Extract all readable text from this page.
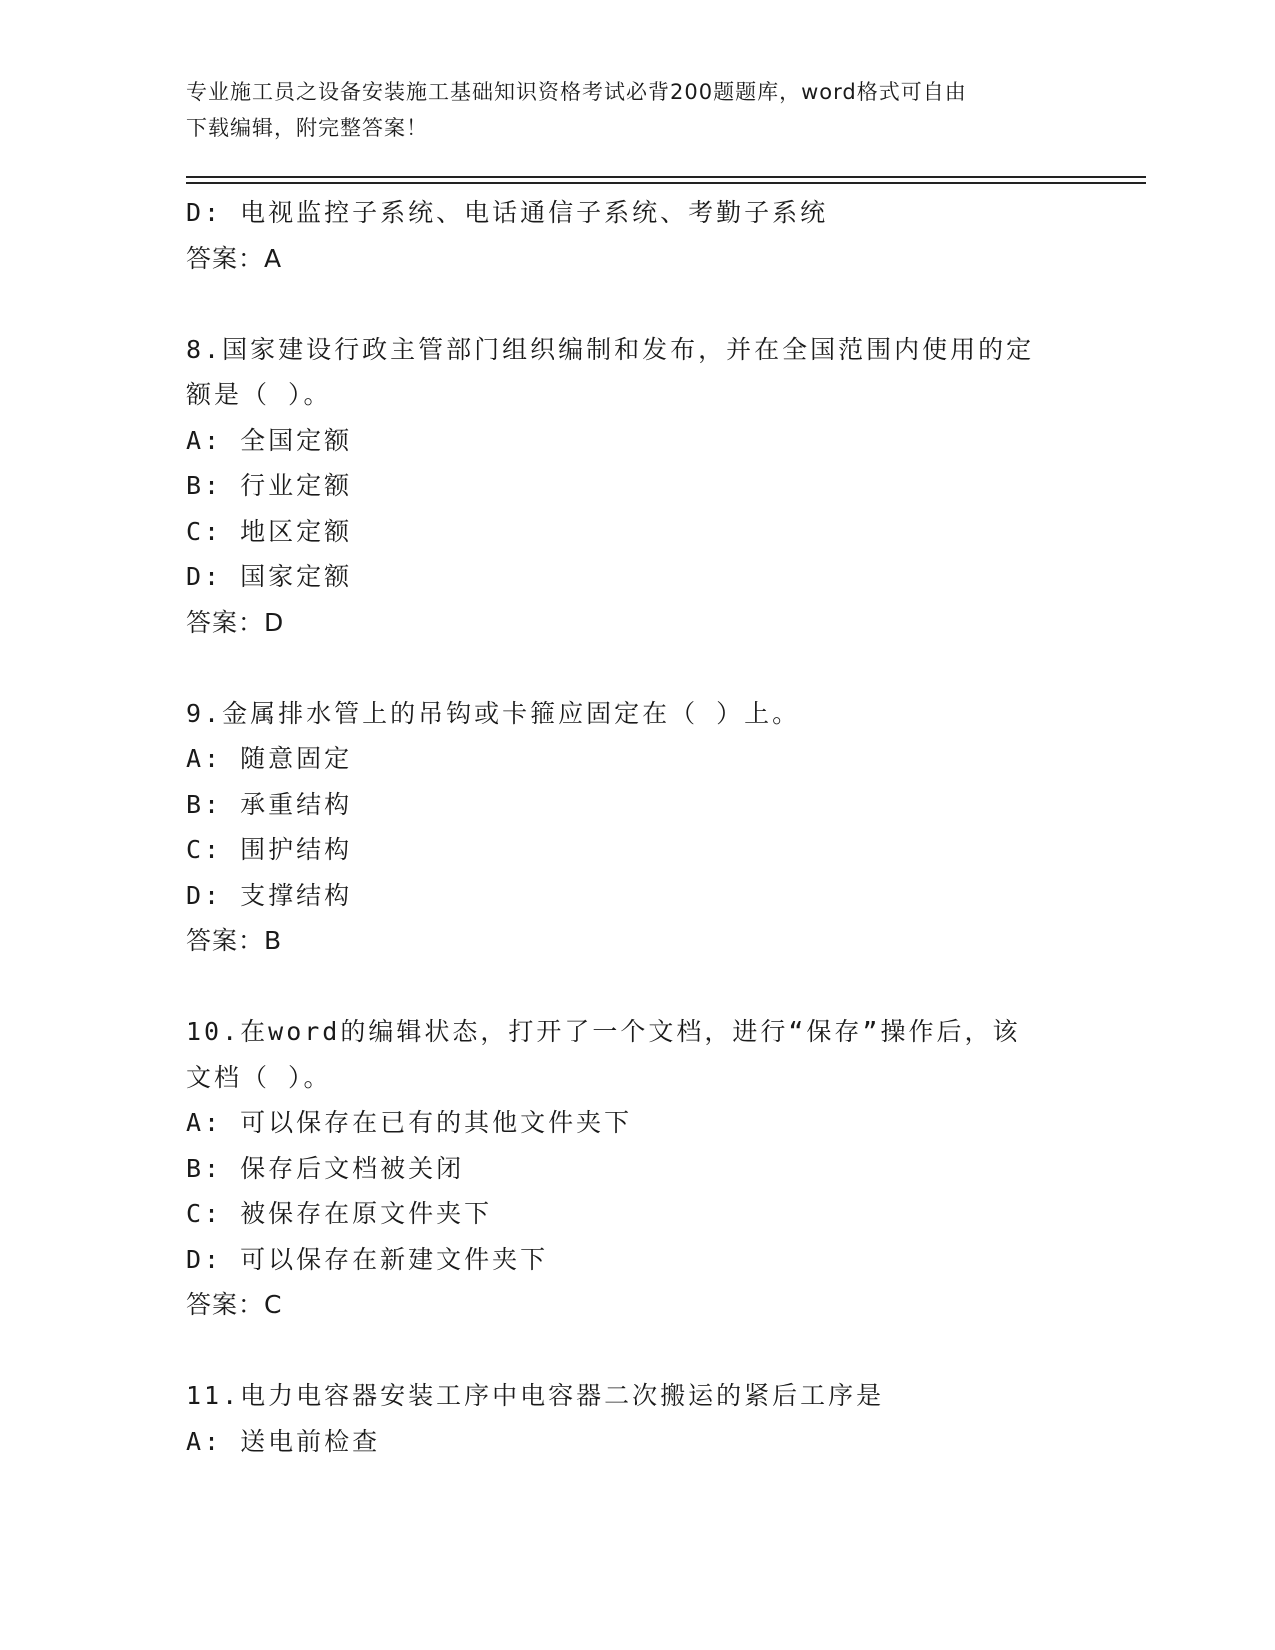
专业施工员之设备安装施工基础知识资格考试必背200题题库，word格式可自由
下载编辑，附完整答案！
D: 电视监控子系统、电话通信子系统、考勤子系统
答案：A
8.国家建设行政主管部门组织编制和发布，并在全国范围内使用的定
额是（ ）。
A: 全国定额
B: 行业定额
C: 地区定额
D: 国家定额
答案：D
9.金属排水管上的吊钩或卡箍应固定在（ ）上。
A: 随意固定
B: 承重结构
C: 围护结构
D: 支撑结构
答案：B
10.在word的编辑状态，打开了一个文档，进行“保存”操作后，该
文档（ ）。
A: 可以保存在已有的其他文件夹下
B: 保存后文档被关闭
C: 被保存在原文件夹下
D: 可以保存在新建文件夹下
答案：C
11.电力电容器安装工序中电容器二次搬运的紧后工序是
A: 送电前检查
